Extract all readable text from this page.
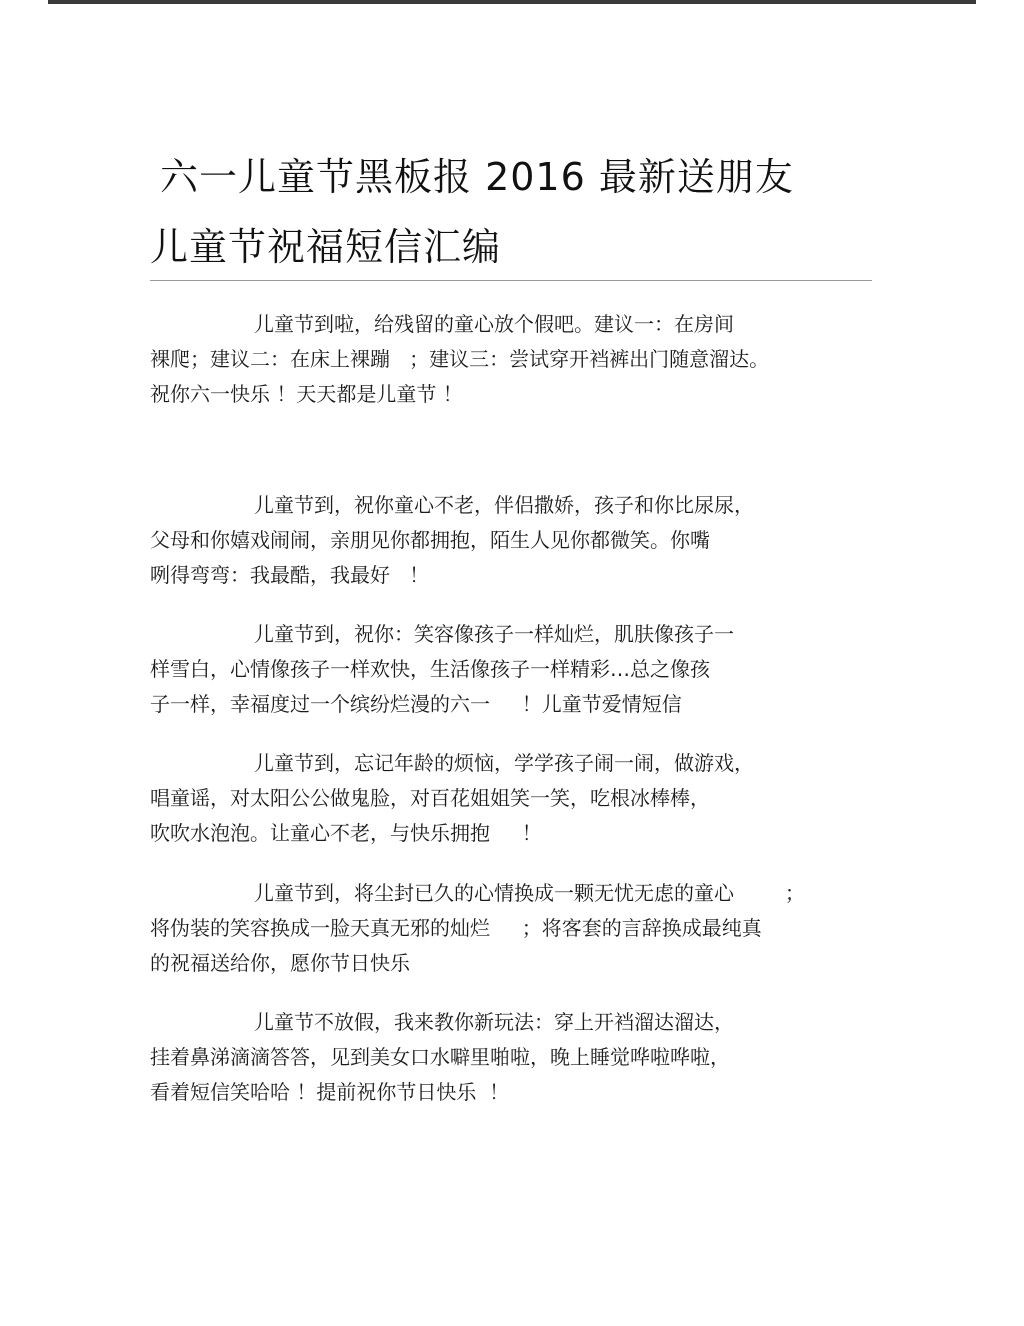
六一儿童节黑板报 2016 最新送朋友
儿童节祝福短信汇编

儿童节到啦，给残留的童心放个假吧。建议一：在房间
裸爬；建议二：在床上裸蹦   ；建议三：尝试穿开裆裤出门随意溜达。
祝你六一快乐 ！天天都是儿童节 ！

儿童节到，祝你童心不老，伴侣撒娇，孩子和你比尿尿，
父母和你嬉戏闹闹，亲朋见你都拥抱，陌生人见你都微笑。你嘴
咧得弯弯：我最酷，我最好   ！

儿童节到，祝你：笑容像孩子一样灿烂，肌肤像孩子一
样雪白，心情像孩子一样欢快，生活像孩子一样精彩…总之像孩
子一样，幸福度过一个缤纷烂漫的六一     ！儿童节爱情短信

儿童节到，忘记年龄的烦恼，学学孩子闹一闹，做游戏，
唱童谣，对太阳公公做鬼脸，对百花姐姐笑一笑，吃根冰棒棒，
吹吹水泡泡。让童心不老，与快乐拥抱     ！

儿童节到，将尘封已久的心情换成一颗无忧无虑的童心        ；
将伪装的笑容换成一脸天真无邪的灿烂     ；将客套的言辞换成最纯真
的祝福送给你，愿你节日快乐

儿童节不放假，我来教你新玩法：穿上开裆溜达溜达，
挂着鼻涕滴滴答答，见到美女口水噼里啪啦，晚上睡觉哗啦哗啦，
看着短信笑哈哈 ！提前祝你节日快乐  ！
